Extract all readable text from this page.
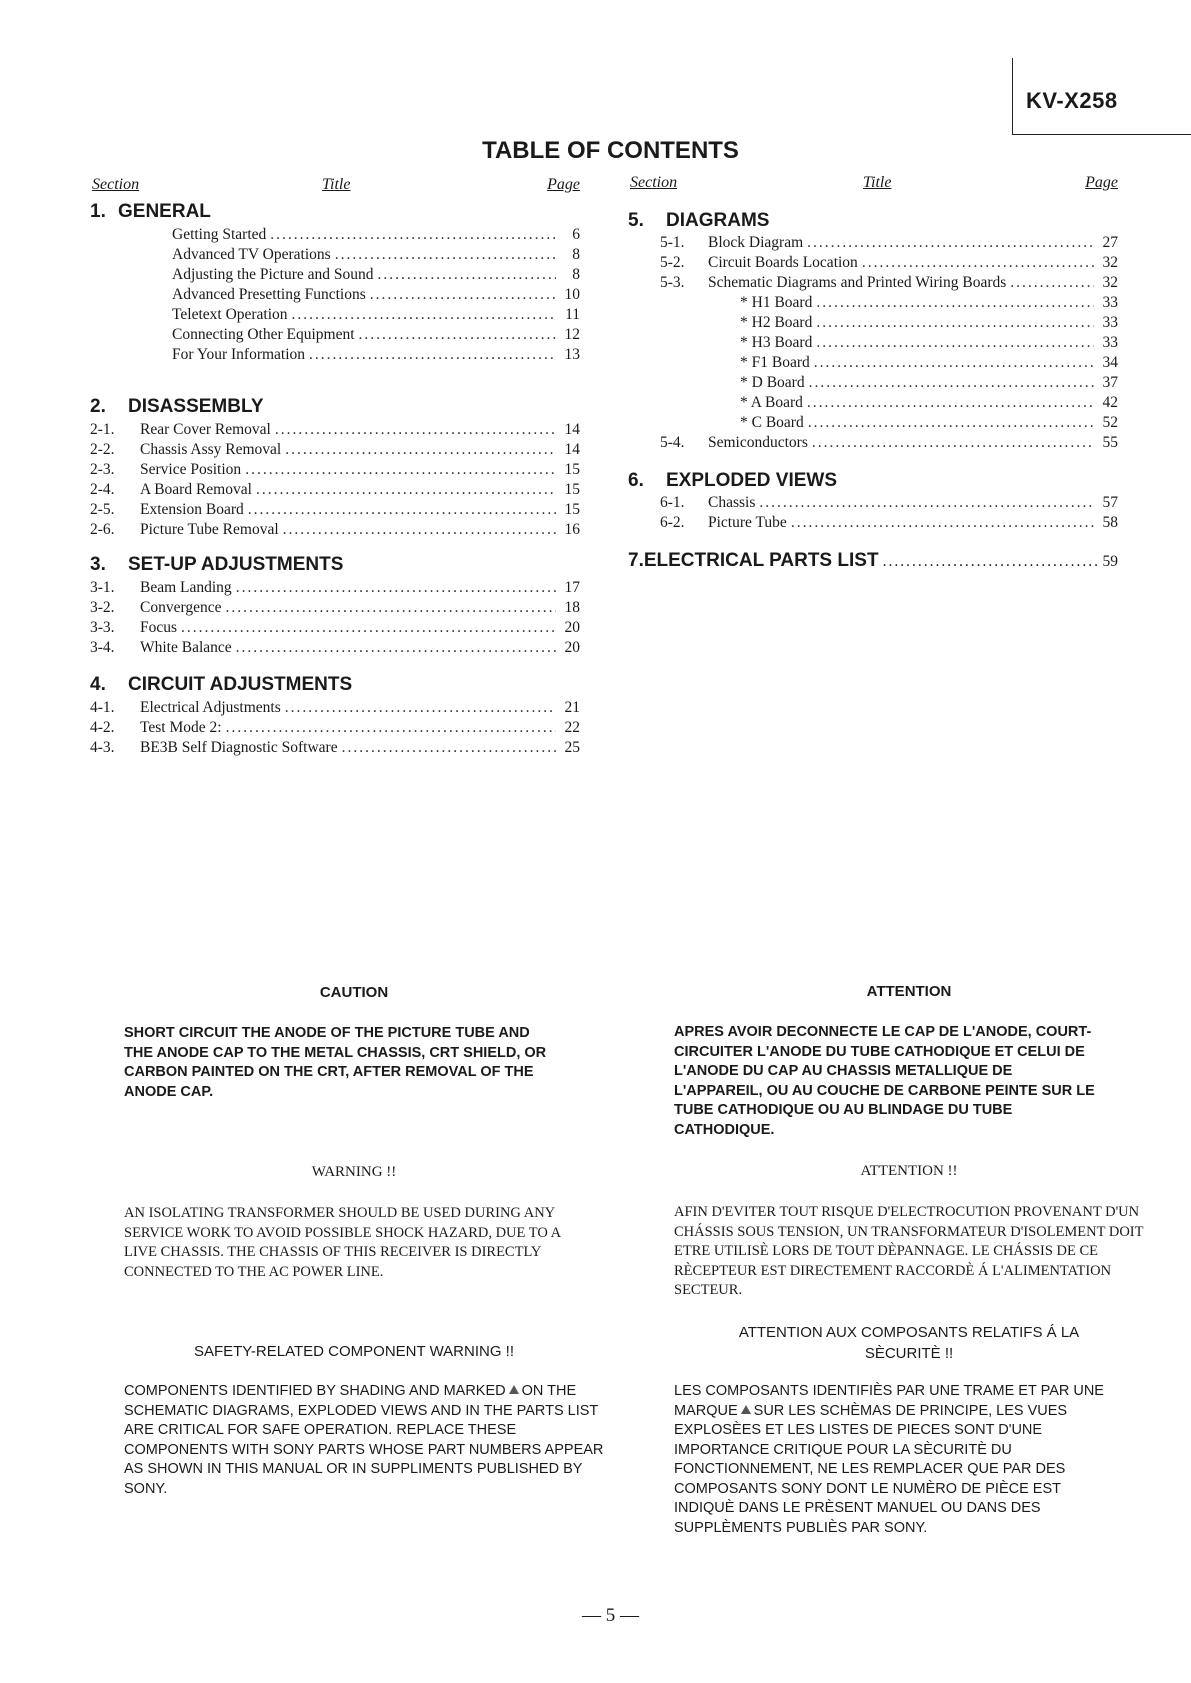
KV-X258
TABLE OF CONTENTS
Section	Title	Page
1. GENERAL
Getting Started .....	6
Advanced TV Operations .....	8
Adjusting the Picture and Sound .....	8
Advanced Presetting Functions .....	10
Teletext Operation .....	11
Connecting Other Equipment .....	12
For Your Information .....	13
2. DISASSEMBLY
2-1.	Rear Cover Removal .....	14
2-2.	Chassis Assy Removal .....	14
2-3.	Service Position .....	15
2-4.	A Board Removal .....	15
2-5.	Extension Board .....	15
2-6.	Picture Tube Removal .....	16
3. SET-UP ADJUSTMENTS
3-1.	Beam Landing .....	17
3-2.	Convergence .....	18
3-3.	Focus .....	20
3-4.	White Balance .....	20
4. CIRCUIT ADJUSTMENTS
4-1.	Electrical Adjustments .....	21
4-2.	Test Mode 2: .....	22
4-3.	BE3B Self Diagnostic Software .....	25
Section	Title	Page
5. DIAGRAMS
5-1.	Block Diagram .....	27
5-2.	Circuit Boards Location .....	32
5-3.	Schematic Diagrams and Printed Wiring Boards .....	32
* H1 Board .....	33
* H2 Board .....	33
* H3 Board .....	33
* F1 Board .....	34
* D Board .....	37
* A Board .....	42
* C Board .....	52
5-4.	Semiconductors .....	55
6. EXPLODED VIEWS
6-1.	Chassis .....	57
6-2.	Picture Tube .....	58
7. ELECTRICAL PARTS LIST .....	59
CAUTION
SHORT CIRCUIT THE ANODE OF THE PICTURE TUBE AND THE ANODE CAP TO THE METAL CHASSIS, CRT SHIELD, OR CARBON PAINTED ON THE CRT, AFTER REMOVAL OF THE ANODE CAP.
ATTENTION
APRES AVOIR DECONNECTE LE CAP DE L'ANODE, COURT-CIRCUITER L'ANODE DU TUBE CATHODIQUE ET CELUI DE L'ANODE DU CAP AU CHASSIS METALLIQUE DE L'APPAREIL, OU AU COUCHE DE CARBONE PEINTE SUR LE TUBE CATHODIQUE OU AU BLINDAGE DU TUBE CATHODIQUE.
WARNING !!
AN ISOLATING TRANSFORMER SHOULD BE USED DURING ANY SERVICE WORK TO AVOID POSSIBLE SHOCK HAZARD, DUE TO A LIVE CHASSIS. THE CHASSIS OF THIS RECEIVER IS DIRECTLY CONNECTED TO THE AC POWER LINE.
ATTENTION !!
AFIN D'EVITER TOUT RISQUE D'ELECTROCUTION PROVENANT D'UN CHÁSSIS SOUS TENSION, UN TRANSFORMATEUR D'ISOLEMENT DOIT ETRE UTILISÈ LORS DE TOUT DÈPANNAGE. LE CHÁSSIS DE CE RÈCEPTEUR EST DIRECTEMENT RACCORDÈ Á L'ALIMENTATION SECTEUR.
SAFETY-RELATED COMPONENT WARNING !!
COMPONENTS IDENTIFIED BY SHADING AND MARKED ON THE SCHEMATIC DIAGRAMS, EXPLODED VIEWS AND IN THE PARTS LIST ARE CRITICAL FOR SAFE OPERATION. REPLACE THESE COMPONENTS WITH SONY PARTS WHOSE PART NUMBERS APPEAR AS SHOWN IN THIS MANUAL OR IN SUPPLIMENTS PUBLISHED BY SONY.
ATTENTION AUX COMPOSANTS RELATIFS Á LA
SÈCURITÈ !!
LES COMPOSANTS IDENTIFIÈS PAR UNE TRAME ET PAR UNE MARQUE SUR LES SCHÈMAS DE PRINCIPE, LES VUES EXPLOSÈES ET LES LISTES DE PIECES SONT D'UNE IMPORTANCE CRITIQUE POUR LA SÈCURITÈ DU FONCTIONNEMENT, NE LES REMPLACER QUE PAR DES COMPOSANTS SONY DONT LE NUMÈRO DE PIÈCE EST INDIQUÈ DANS LE PRÈSENT MANUEL OU DANS DES SUPPLÈMENTS PUBLIÈS PAR SONY.
— 5 —
